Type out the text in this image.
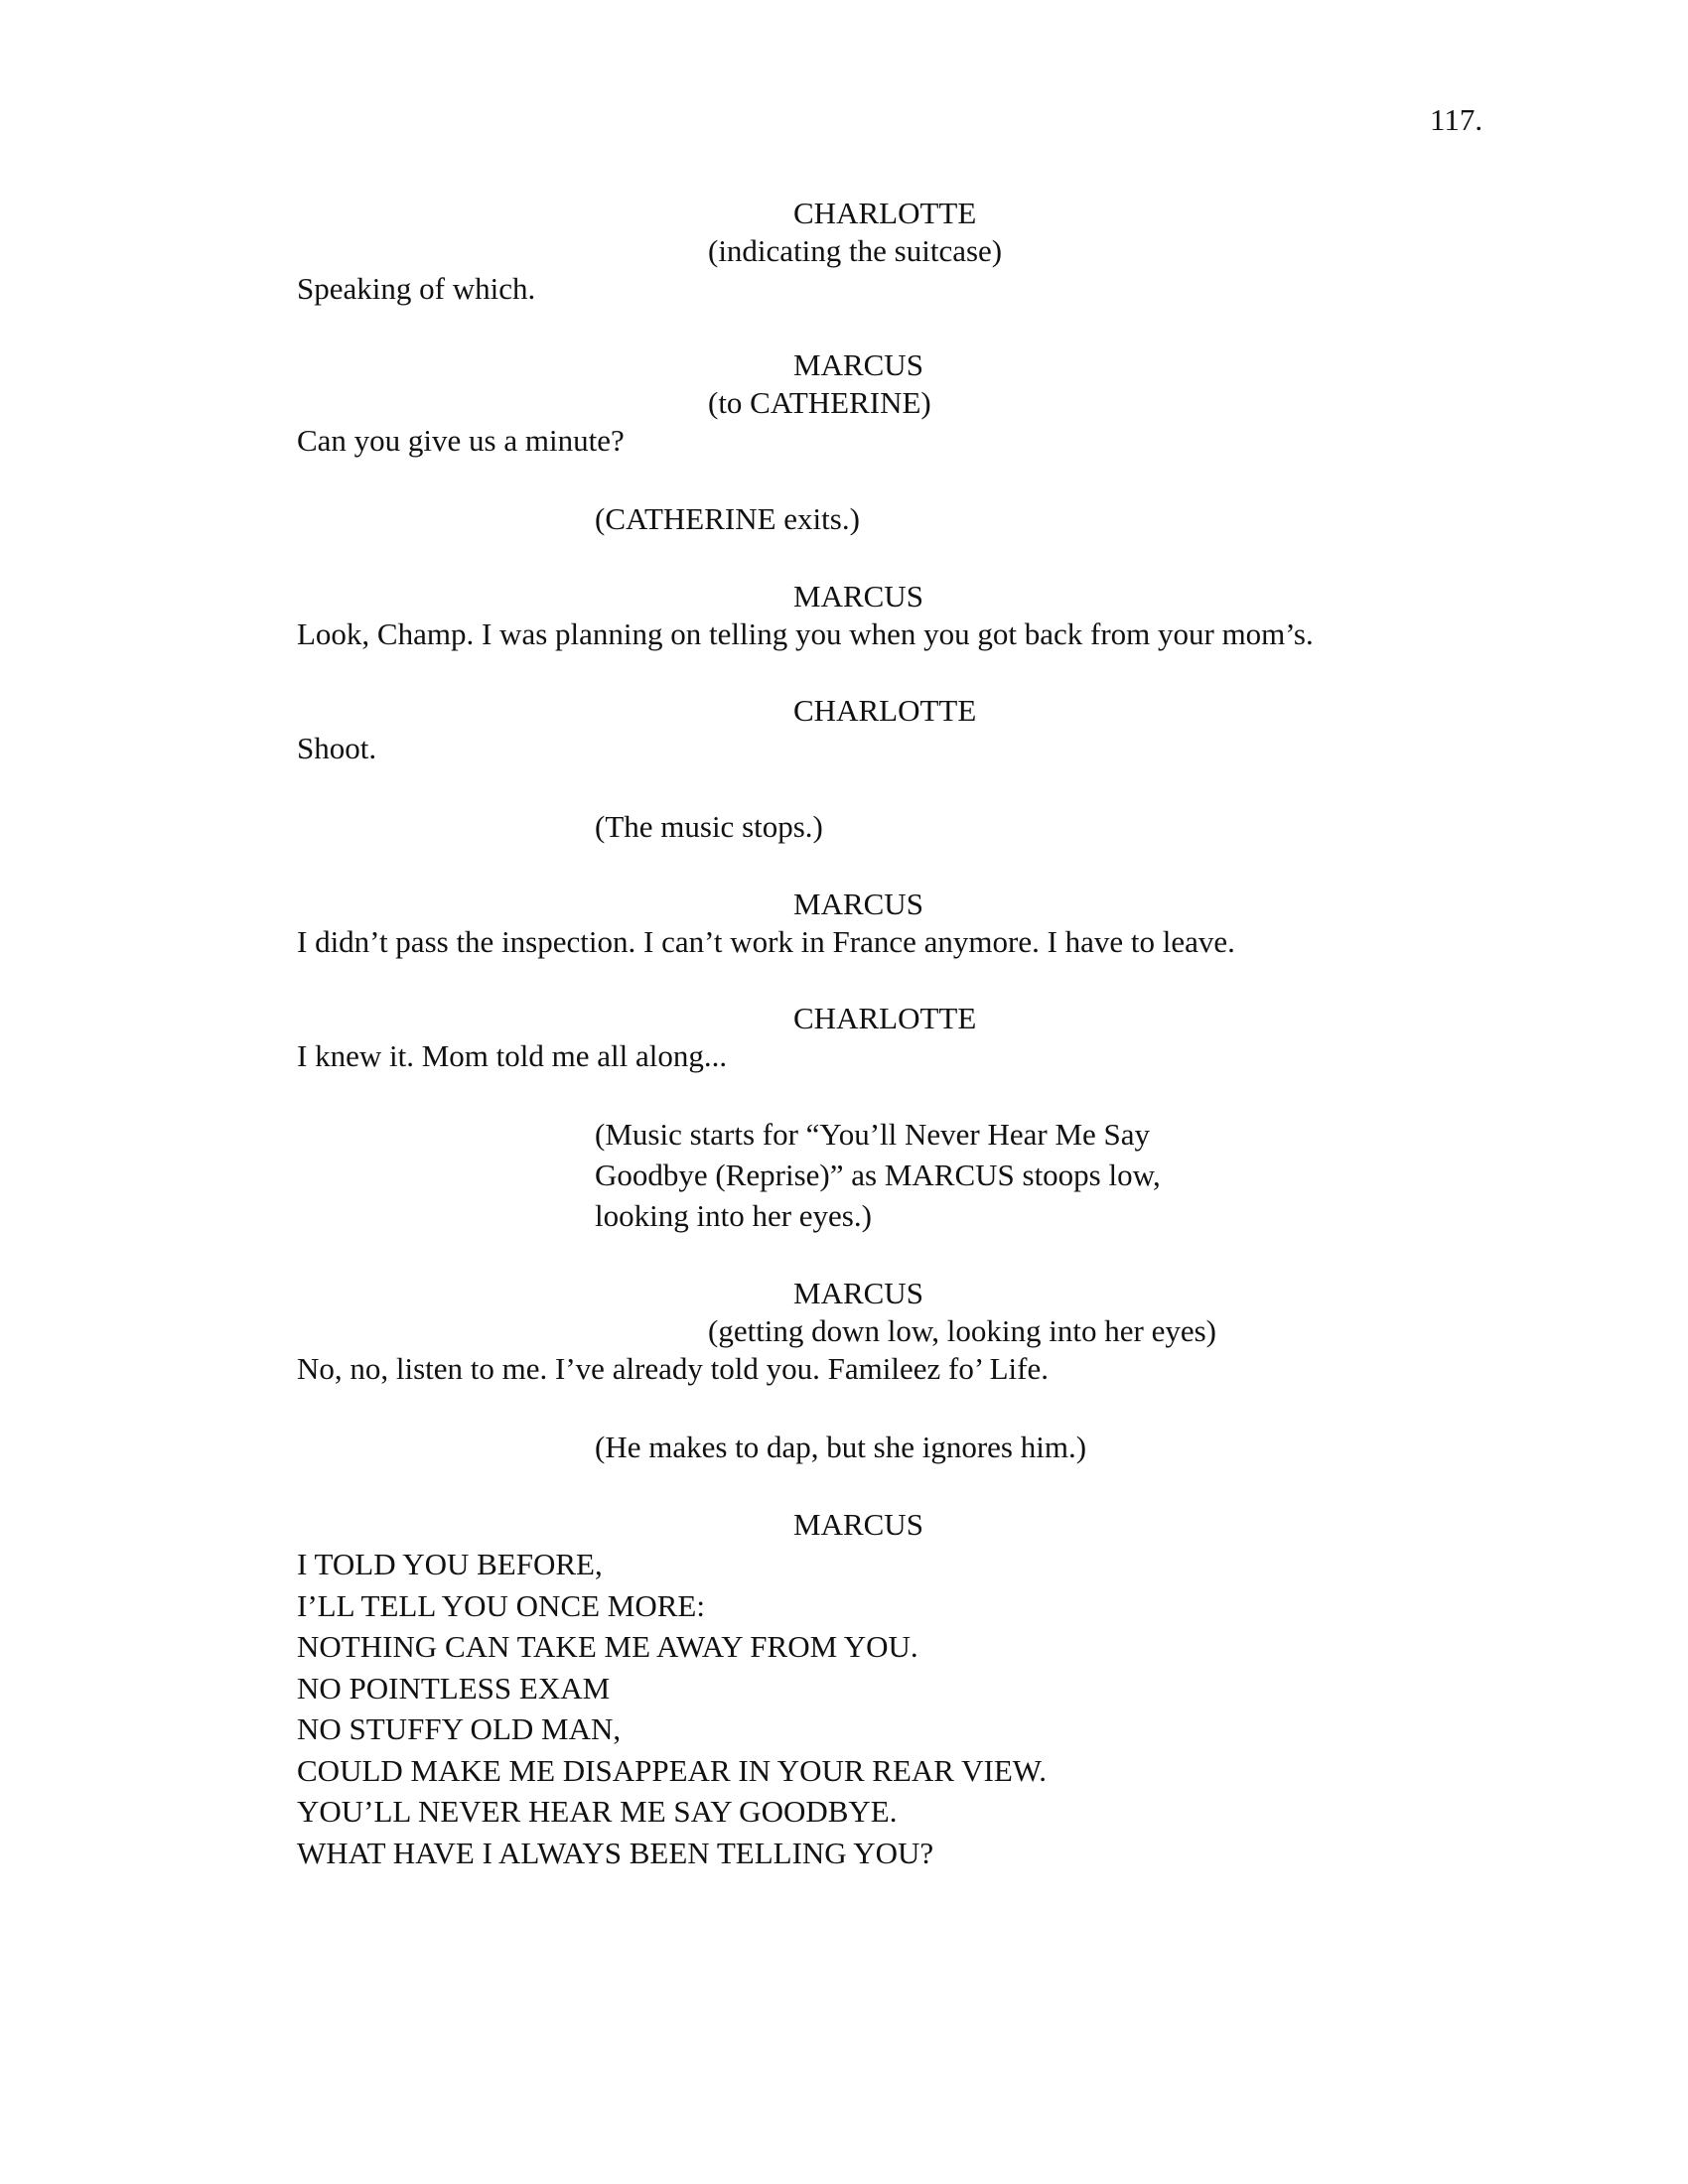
117.
CHARLOTTE
(indicating the suitcase)
Speaking of which.
MARCUS
(to CATHERINE)
Can you give us a minute?
(CATHERINE exits.)
MARCUS
Look, Champ. I was planning on telling you when you got back from your mom’s.
CHARLOTTE
Shoot.
(The music stops.)
MARCUS
I didn’t pass the inspection. I can’t work in France anymore. I have to leave.
CHARLOTTE
I knew it. Mom told me all along...
(Music starts for “You’ll Never Hear Me Say
Goodbye (Reprise)” as MARCUS stoops low,
looking into her eyes.)
MARCUS
(getting down low, looking into her eyes)
No, no, listen to me. I’ve already told you. Famileez fo’ Life.
(He makes to dap, but she ignores him.)
MARCUS
I TOLD YOU BEFORE,
I’LL TELL YOU ONCE MORE:
NOTHING CAN TAKE ME AWAY FROM YOU.
NO POINTLESS EXAM
NO STUFFY OLD MAN,
COULD MAKE ME DISAPPEAR IN YOUR REAR VIEW.
YOU’LL NEVER HEAR ME SAY GOODBYE.
WHAT HAVE I ALWAYS BEEN TELLING YOU?
